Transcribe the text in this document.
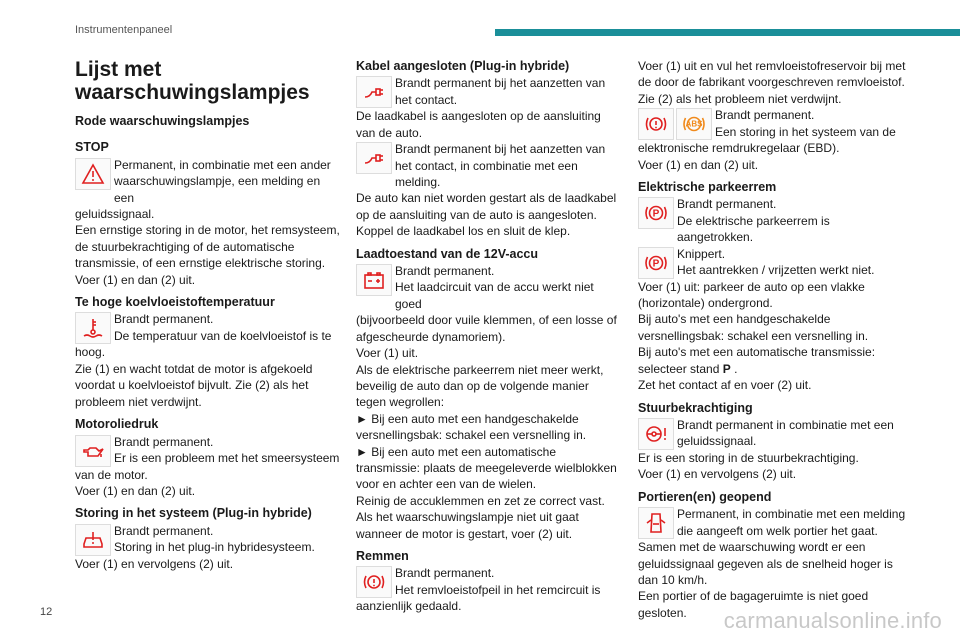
Instrumentenpaneel
Lijst met waarschuwingslampjes
Rode waarschuwingslampjes
STOP

Permanent, in combinatie met een ander waarschuwingslampje, een melding en een

geluidssignaal.

Een ernstige storing in de motor, het remsysteem, de stuurbekrachtiging of de automatische transmissie, of een ernstige elektrische storing.

Voer (1) en dan (2) uit.

Te hoge koelvloeistoftemperatuur

Brandt permanent.

De temperatuur van de koelvloeistof is te

hoog.

Zie (1) en wacht totdat de motor is afgekoeld voordat u koelvloeistof bijvult. Zie (2) als het probleem niet verdwijnt.

Motoroliedruk

Brandt permanent.

Er is een probleem met het smeersysteem

van de motor.

Voer (1) en dan (2) uit.

Storing in het systeem (Plug-in hybride)

Brandt permanent.

Storing in het plug-in hybridesysteem.

Voer (1) en vervolgens (2) uit.

Kabel aangesloten (Plug-in hybride)

Brandt permanent bij het aanzetten van het contact.

De laadkabel is aangesloten op de aansluiting van de auto.

Brandt permanent bij het aanzetten van het contact, in combinatie met een melding.

De auto kan niet worden gestart als de laadkabel op de aansluiting van de auto is aangesloten.

Koppel de laadkabel los en sluit de klep.

Laadtoestand van de 12V-accu

Brandt permanent.

Het laadcircuit van de accu werkt niet goed

(bijvoorbeeld door vuile klemmen, of een losse of afgescheurde dynamoriem).

Voer (1) uit.

Als de elektrische parkeerrem niet meer werkt, beveilig de auto dan op de volgende manier tegen wegrollen:

► Bij een auto met een handgeschakelde versnellingsbak: schakel een versnelling in.

► Bij een auto met een automatische transmissie: plaats de meegeleverde wielblokken voor en achter een van de wielen.

Reinig de accuklemmen en zet ze correct vast. Als het waarschuwingslampje niet uit gaat wanneer de motor is gestart, voer (2) uit.

Remmen

Brandt permanent.

Het remvloeistofpeil in het remcircuit is

aanzienlijk gedaald.

Voer (1) uit en vul het remvloeistofreservoir bij met de door de fabrikant voorgeschreven remvloeistof.

Zie (2) als het probleem niet verdwijnt.

ABS

Brandt permanent.

Een storing in het systeem van de

elektronische remdrukregelaar (EBD).

Voer (1) en dan (2) uit.

Elektrische parkeerrem
P

Brandt permanent.

De elektrische parkeerrem is aangetrokken.

P

Knippert.

Het aantrekken / vrijzetten werkt niet.

Voer (1) uit: parkeer de auto op een vlakke (horizontale) ondergrond.

Bij auto's met een handgeschakelde versnellingsbak: schakel een versnelling in.

Bij auto's met een automatische transmissie: selecteer stand P .

Zet het contact af en voer (2) uit.

Stuurbekrachtiging

Brandt permanent in combinatie met een geluidssignaal.

Er is een storing in de stuurbekrachtiging.

Voer (1) en vervolgens (2) uit.

Portieren(en) geopend

Permanent, in combinatie met een melding die aangeeft om welk portier het gaat.

Samen met de waarschuwing wordt er een geluidssignaal gegeven als de snelheid hoger is dan 10 km/h.

Een portier of de bagageruimte is niet goed gesloten.

12	carmanualsonline.info
